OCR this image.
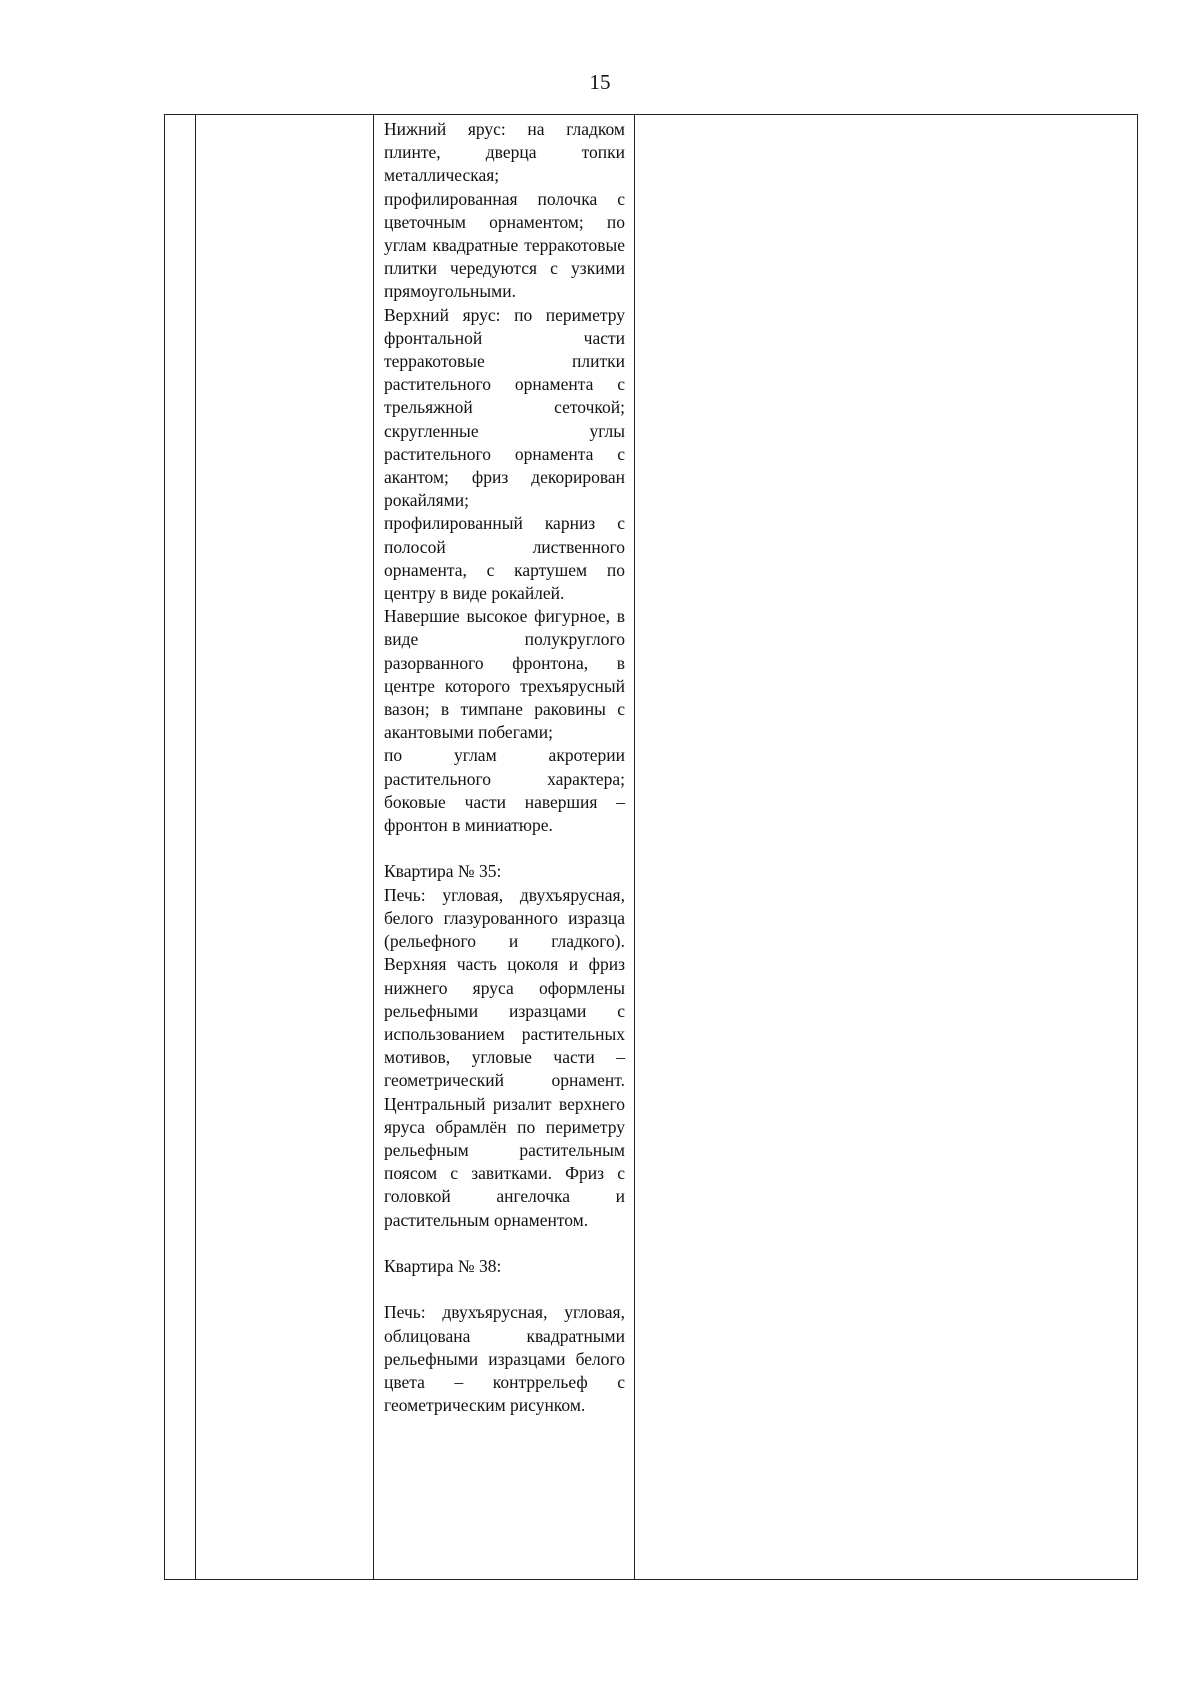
15

Нижний ярус: на гладком плинте, дверца топки металлическая;

профилированная полочка с цветочным орнаментом; по углам квадратные терракотовые плитки чередуются с узкими прямоугольными.

Верхний ярус: по периметру фронтальной части терракотовые плитки растительного орнамента с трельяжной сеточкой; скругленные углы растительного орнамента с акантом; фриз декорирован рокайлями;

профилированный карниз с полосой лиственного орнамента, с картушем по центру в виде рокайлей.

Навершие высокое фигурное, в виде полукруглого разорванного фронтона, в центре которого трехъярусный вазон; в тимпане раковины с акантовыми побегами;

по углам акротерии растительного характера; боковые части навершия – фронтон в миниатюре.

Квартира № 35:

Печь: угловая, двухъярусная, белого глазурованного изразца (рельефного и гладкого). Верхняя часть цоколя и фриз нижнего яруса оформлены рельефными изразцами с использованием растительных мотивов, угловые части – геометрический орнамент. Центральный ризалит верхнего яруса обрамлён по периметру рельефным растительным поясом с завитками. Фриз с головкой ангелочка и растительным орнаментом.

Квартира № 38:

Печь: двухъярусная, угловая, облицована квадратными рельефными изразцами белого цвета – контррельеф с геометрическим рисунком.
